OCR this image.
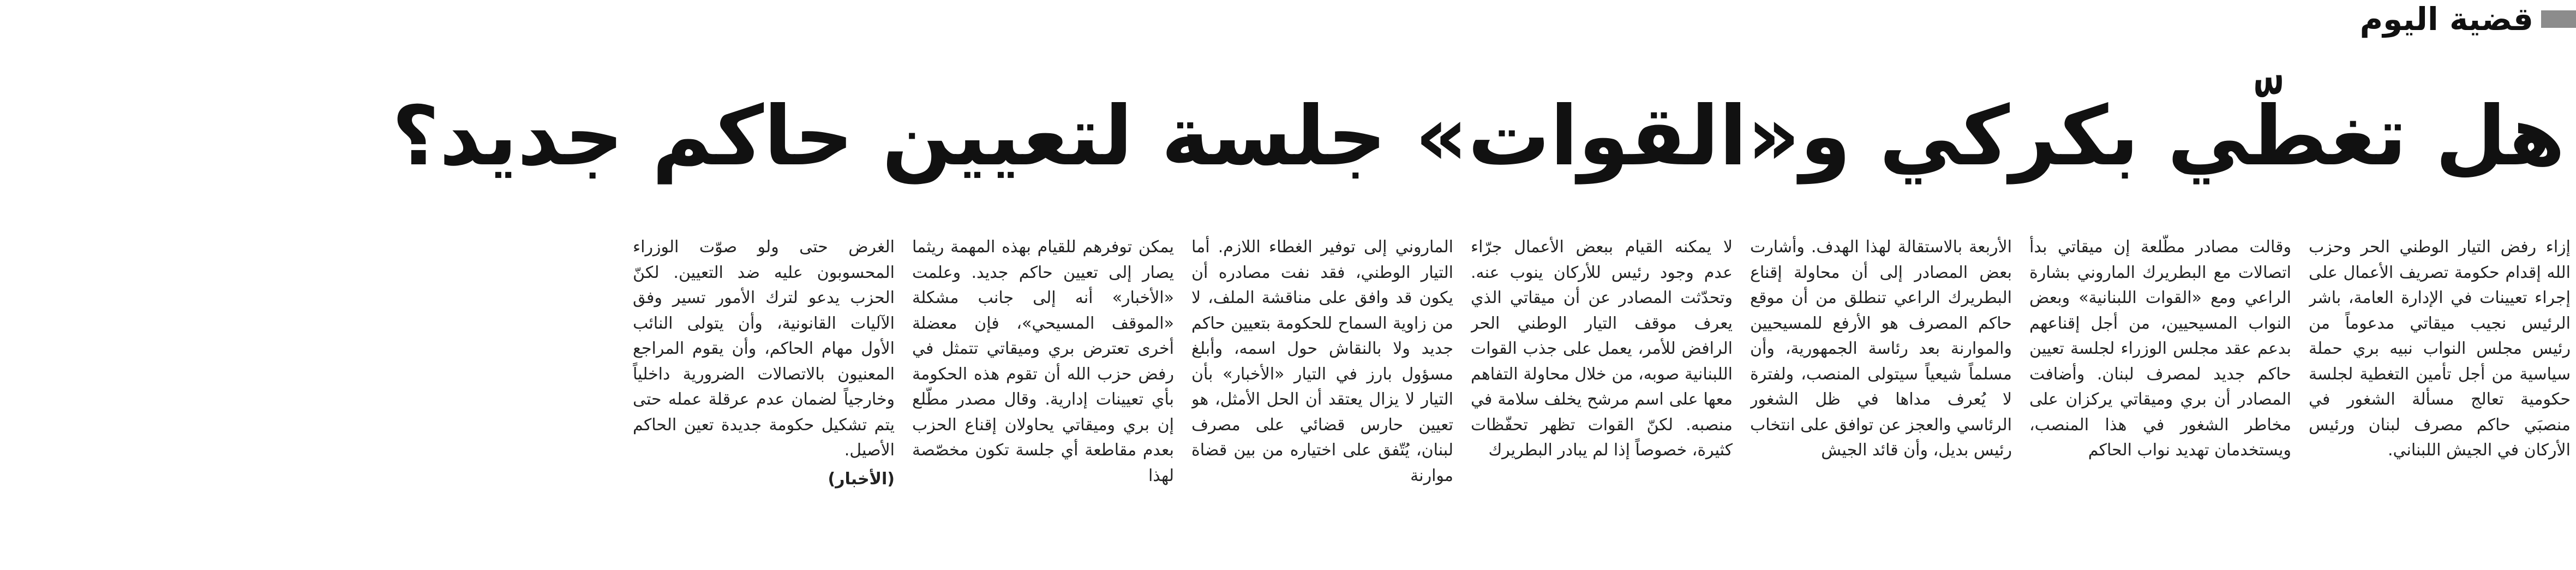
قضية اليوم
هل تغطّي بكركي و«القوات» جلسة لتعيين حاكم جديد؟

إزاء رفض التيار الوطني الحر وحزب الله إقدام حكومة تصريف الأعمال على إجراء تعيينات في الإدارة العامة، باشر الرئيس نجيب ميقاتي مدعوماً من رئيس مجلس النواب نبيه بري حملة سياسية من أجل تأمين التغطية لجلسة حكومية تعالج مسألة الشغور في منصبَي حاكم مصرف لبنان ورئيس الأركان في الجيش اللبناني.

وقالت مصادر مطّلعة إن ميقاتي بدأ اتصالات مع البطريرك الماروني بشارة الراعي ومع «القوات اللبنانية» وبعض النواب المسيحيين، من أجل إقناعهم بدعم عقد مجلس الوزراء لجلسة تعيين حاكم جديد لمصرف لبنان. وأضافت المصادر أن بري وميقاتي يركزان على مخاطر الشغور في هذا المنصب، ويستخدمان تهديد نواب الحاكم

الأربعة بالاستقالة لهذا الهدف. وأشارت بعض المصادر إلى أن محاولة إقناع البطريرك الراعي تنطلق من أن موقع حاكم المصرف هو الأرفع للمسيحيين والموارنة بعد رئاسة الجمهورية، وأن مسلماً شيعياً سيتولى المنصب، ولفترة لا يُعرف مداها في ظل الشغور الرئاسي والعجز عن توافق على انتخاب رئيس بديل، وأن قائد الجيش

لا يمكنه القيام ببعض الأعمال جرّاء عدم وجود رئيس للأركان ينوب عنه. وتحدّثت المصادر عن أن ميقاتي الذي يعرف موقف التيار الوطني الحر الرافض للأمر، يعمل على جذب القوات اللبنانية صوبه، من خلال محاولة التفاهم معها على اسم مرشح يخلف سلامة في منصبه. لكنّ القوات تظهر تحفّظات كثيرة، خصوصاً إذا لم يبادر البطريرك

الماروني إلى توفير الغطاء اللازم. أما التيار الوطني، فقد نفت مصادره أن يكون قد وافق على مناقشة الملف، لا من زاوية السماح للحكومة بتعيين حاكم جديد ولا بالنقاش حول اسمه، وأبلغ مسؤول بارز في التيار «الأخبار» بأن التيار لا يزال يعتقد أن الحل الأمثل، هو تعيين حارس قضائي على مصرف لبنان، يُتّفق على اختياره من بين قضاة موارنة

يمكن توفرهم للقيام بهذه المهمة ريثما يصار إلى تعيين حاكم جديد. وعلمت «الأخبار» أنه إلى جانب مشكلة «الموقف المسيحي»، فإن معضلة أخرى تعترض بري وميقاتي تتمثل في رفض حزب الله أن تقوم هذه الحكومة بأي تعيينات إدارية. وقال مصدر مطّلع إن بري وميقاتي يحاولان إقناع الحزب بعدم مقاطعة أي جلسة تكون مخصّصة لهذا

الغرض حتى ولو صوّت الوزراء المحسوبون عليه ضد التعيين. لكنّ الحزب يدعو لترك الأمور تسير وفق الآليات القانونية، وأن يتولى النائب الأول مهام الحاكم، وأن يقوم المراجع المعنيون بالاتصالات الضرورية داخلياً وخارجياً لضمان عدم عرقلة عمله حتى يتم تشكيل حكومة جديدة تعين الحاكم الأصيل.

(الأخبار)
